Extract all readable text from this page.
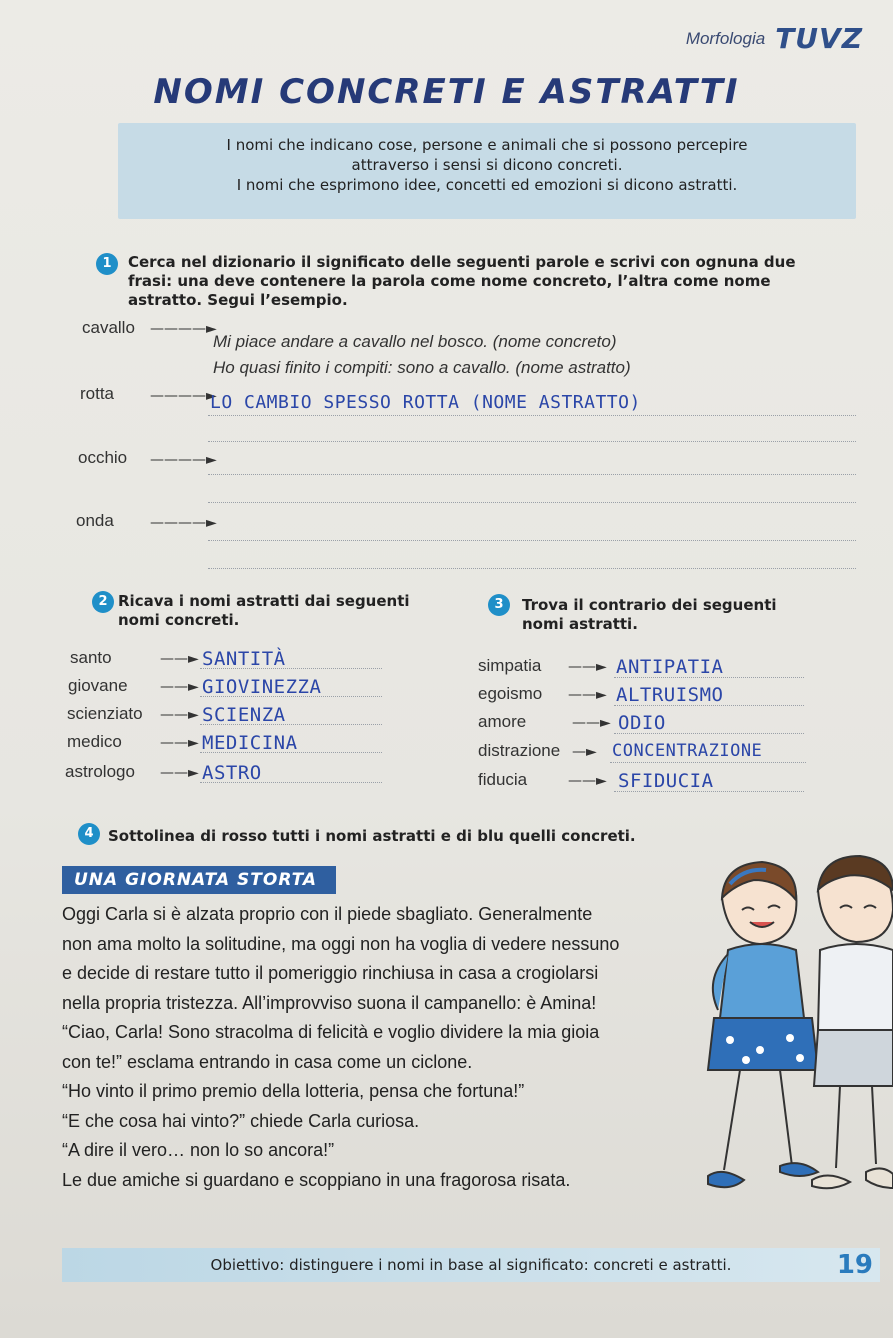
Morfologia TUVZ
NOMI CONCRETI E ASTRATTI

I nomi che indicano cose, persone e animali che si possono percepire

attraverso i sensi si dicono concreti.

I nomi che esprimono idee, concetti ed emozioni si dicono astratti.

1	Cerca nel dizionario il significato delle seguenti parole e scrivi con ognuna due
frasi: una deve contenere la parola come nome concreto, l’altra come nome
astratto. Segui l’esempio.
cavallo ————►
Mi piace andare a cavallo nel bosco. (nome concreto)
Ho quasi finito i compiti: sono a cavallo. (nome astratto)
rotta	————►
LO CAMBIO SPESSO ROTTA (NOME ASTRATTO)
occhio ————►
onda	————►
2 Ricava i nomi astratti dai seguenti
nomi concreti.
santo	——► SANTITÀ
giovane ——► GIOVINEZZA
scienziato ——► SCIENZA
medico	——► MEDICINA
astrologo ——► ASTRO
3	Trova il contrario dei seguenti
nomi astratti.
simpatia ——► ANTIPATIA
egoismo ——► ALTRUISMO
amore	——► ODIO
distrazione —► CONCENTRAZIONE
fiducia	——► SFIDUCIA
4 Sottolinea di rosso tutti i nomi astratti e di blu quelli concreti.
UNA GIORNATA STORTA

Oggi Carla si è alzata proprio con il piede sbagliato. Generalmente

non ama molto la solitudine, ma oggi non ha voglia di vedere nessuno

e decide di restare tutto il pomeriggio rinchiusa in casa a crogiolarsi

nella propria tristezza. All’improvviso suona il campanello: è Amina!

“Ciao, Carla! Sono stracolma di felicità e voglio dividere la mia gioia

con te!” esclama entrando in casa come un ciclone.

“Ho vinto il primo premio della lotteria, pensa che fortuna!”

“E che cosa hai vinto?” chiede Carla curiosa.

“A dire il vero… non lo so ancora!”

Le due amiche si guardano e scoppiano in una fragorosa risata.

Obiettivo: distinguere i nomi in base al significato: concreti e astratti.	19
